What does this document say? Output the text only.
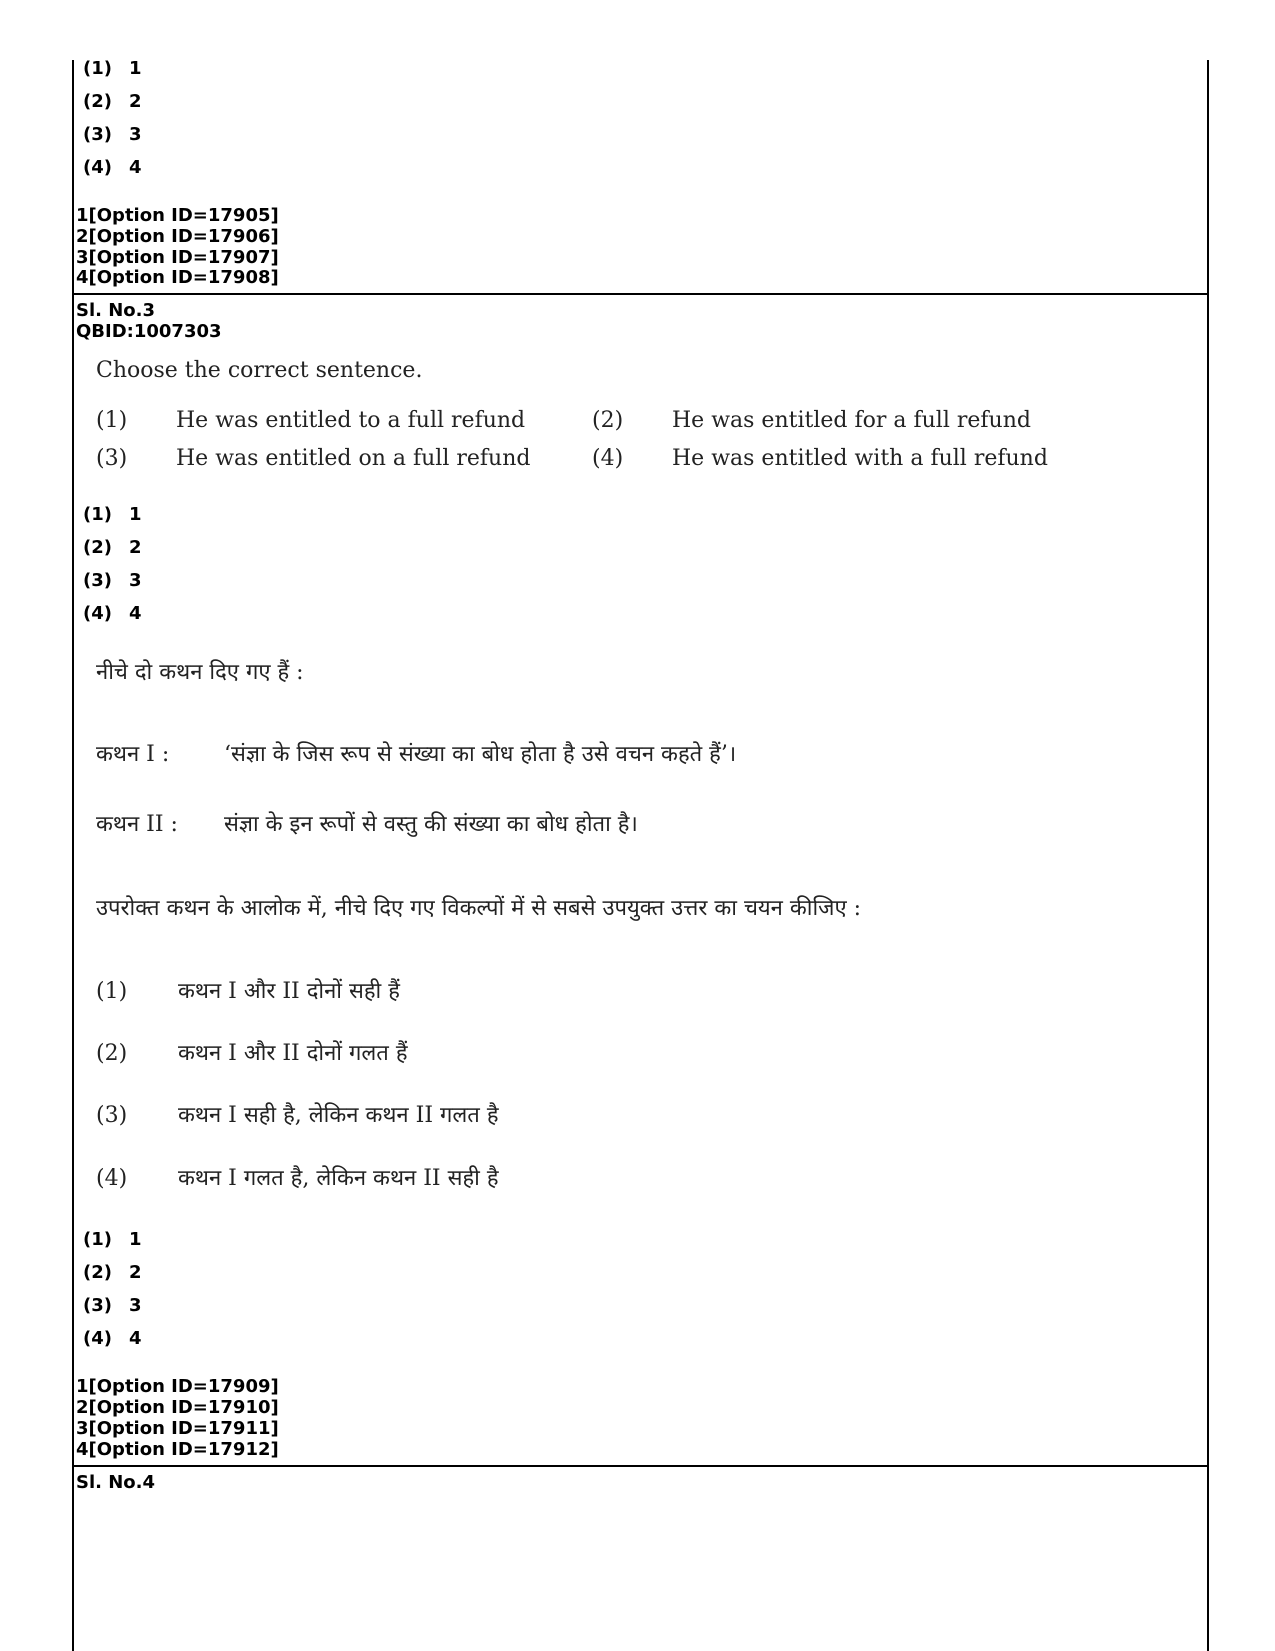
(1) 1
(2) 2
(3) 3
(4) 4
1[Option ID=17905]
2[Option ID=17906]
3[Option ID=17907]
4[Option ID=17908]
Sl. No.3
QBID:1007303
Choose the correct sentence.
(1) He was entitled to a full refund	(2) He was entitled for a full refund
(3) He was entitled on a full refund	(4) He was entitled with a full refund
(1) 1
(2) 2
(3) 3
(4) 4
नीचे दो कथन दिए गए हैं :
कथन I : ‘संज्ञा के जिस रूप से संख्या का बोध होता है उसे वचन कहते हैं’।
कथन II : संज्ञा के इन रूपों से वस्तु की संख्या का बोध होता है।
उपरोक्त कथन के आलोक में, नीचे दिए गए विकल्पों में से सबसे उपयुक्त उत्तर का चयन कीजिए :
(1) कथन I और II दोनों सही हैं
(2) कथन I और II दोनों गलत हैं
(3) कथन I सही है, लेकिन कथन II गलत है
(4) कथन I गलत है, लेकिन कथन II सही है
(1) 1
(2) 2
(3) 3
(4) 4
1[Option ID=17909]
2[Option ID=17910]
3[Option ID=17911]
4[Option ID=17912]
Sl. No.4
